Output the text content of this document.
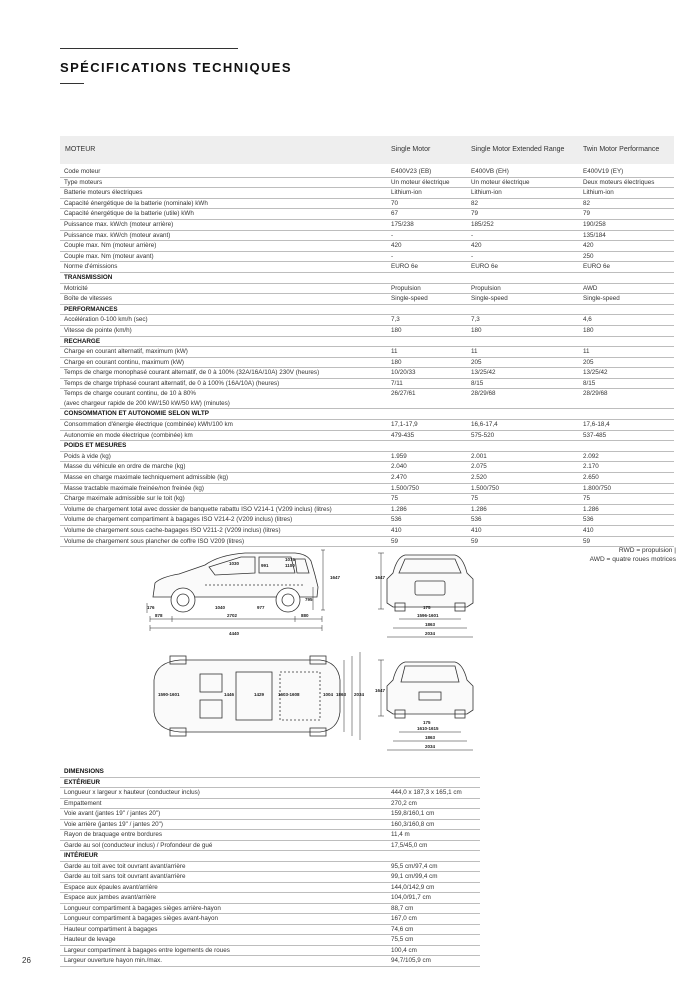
SPÉCIFICATIONS TECHNIQUES
MOTEUR	Single Motor	Single Motor Extended Range	Twin Motor Performance
Code moteur	E400V23 (EB)	E400VB (EH)	E400V19 (EY)
Type moteurs	Un moteur électrique	Un moteur électrique	Deux moteurs électriques
Batterie moteurs électriques	Lithium-ion	Lithium-ion	Lithium-ion
Capacité énergétique de la batterie (nominale) kWh	70	82	82
Capacité énergétique de la batterie (utile) kWh	67	79	79
Puissance max. kW/ch (moteur arrière)	175/238	185/252	190/258
Puissance max. kW/ch (moteur avant)	-	-	135/184
Couple max. Nm (moteur arrière)	420	420	420
Couple max. Nm (moteur avant)	-	-	250
Norme d'émissions	EURO 6e	EURO 6e	EURO 6e
TRANSMISSION			
Motricité	Propulsion	Propulsion	AWD
Boîte de vitesses	Single-speed	Single-speed	Single-speed
PERFORMANCES			
Accélération 0-100 km/h (sec)	7,3	7,3	4,6
Vitesse de pointe (km/h)	180	180	180
RECHARGE			
Charge en courant alternatif, maximum (kW)	11	11	11
Charge en courant continu, maximum (kW)	180	205	205
Temps de charge monophasé courant alternatif, de 0 à 100% (32A/16A/10A) 230V (heures)	10/20/33	13/25/42	13/25/42
Temps de charge triphasé courant alternatif, de 0 à 100% (16A/10A) (heures)	7/11	8/15	8/15
Temps de charge courant continu, de 10 à 80%
(avec chargeur rapide de 200 kW/150 kW/50 kW) (minutes)	26/27/61	28/29/68	28/29/68
CONSOMMATION ET AUTONOMIE SELON WLTP			
Consommation d'énergie électrique (combinée) kWh/100 km	17,1-17,9	16,6-17,4	17,6-18,4
Autonomie en mode électrique (combinée) km	479-435	575-520	537-485
POIDS ET MESURES			
Poids à vide (kg)	1.959	2.001	2.092
Masse du véhicule en ordre de marche (kg)	2.040	2.075	2.170
Masse en charge maximale techniquement admissible (kg)	2.470	2.520	2.650
Masse tractable maximale freinée/non freinée (kg)	1.500/750	1.500/750	1.800/750
Charge maximale admissible sur le toit (kg)	75	75	75
Volume de chargement total avec dossier de banquette rabattu ISO V214-1 (V209 inclus) (litres)	1.286	1.286	1.286
Volume de chargement compartiment à bagages ISO V214-2 (V209 inclus) (litres)	536	536	536
Volume de chargement sous cache-bagages ISO V211-2 (V209 inclus) (litres)	410	410	410
Volume de chargement sous plancher de coffre ISO V209 (litres)	59	59	59
RWD = propulsion |
AWD = quatre roues motrices
878	2702	880
4440
176
1647
795
1040	977
1030	991
1076
1100
1647
175
1596-1601
1863
2034
1590-1601	1446	1429	1603-1608	1004 1863 2034
1647
175
1610-1615
1863
2034
DIMENSIONS	
EXTÉRIEUR	
Longueur x largeur x hauteur (conducteur inclus)	444,0 x 187,3 x 165,1 cm
Empattement	270,2 cm
Voie avant (jantes 19" / jantes 20")	159,8/160,1 cm
Voie arrière (jantes 19" / jantes 20")	160,3/160,8 cm
Rayon de braquage entre bordures	11,4 m
Garde au sol (conducteur inclus) / Profondeur de gué	17,5/45,0 cm
INTÉRIEUR	
Garde au toit avec toit ouvrant avant/arrière	95,5 cm/97,4 cm
Garde au toit sans toit ouvrant avant/arrière	99,1 cm/99,4 cm
Espace aux épaules avant/arrière	144,0/142,9 cm
Espace aux jambes avant/arrière	104,0/91,7 cm
Longueur compartiment à bagages sièges arrière-hayon	88,7 cm
Longueur compartiment à bagages sièges avant-hayon	167,0 cm
Hauteur compartiment à bagages	74,6 cm
Hauteur de levage	75,5 cm
Largeur compartiment à bagages entre logements de roues	100,4 cm
Largeur ouverture hayon min./max.	94,7/105,9 cm
26
